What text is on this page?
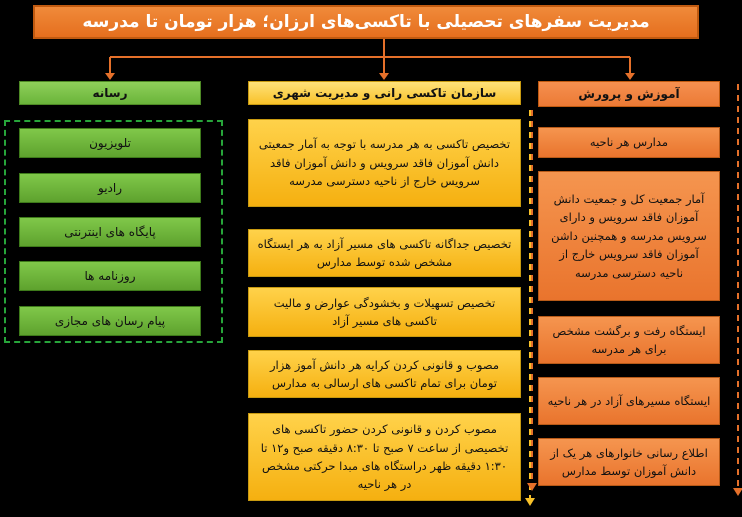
مدیریت سفرهای تحصیلی با تاکسی‌های ارزان؛ هزار تومان تا مدرسه
رسانه	سازمان تاکسی رانی و مدیریت شهری	آموزش و پرورش
تلویزیون
رادیو
پایگاه های اینترنتی
روزنامه ها
پیام رسان های مجازی
تخصیص تاکسی به هر مدرسه با توجه به آمار جمعیتی دانش آموزان فاقد سرویس و دانش آموزان فاقد سرویس خارج از ناحیه دسترسی مدرسه
تخصیص جداگانه تاکسی های مسیر آزاد به هر ایستگاه مشخص شده توسط مدارس
تخصیص تسهیلات و بخشودگی عوارض و مالیت تاکسی های مسیر آزاد
مصوب و قانونی کردن کرایه هر دانش آموز هزار تومان برای تمام تاکسی های ارسالی به مدارس
مصوب کردن و قانونی کردن حضور تاکسی های تخصیصی از ساعت ۷ صبح تا ۸:۳۰ دقیقه صبح و۱۲ تا ۱:۳۰ دقیقه ظهر دراستگاه های مبدا حرکتی مشخص در هر ناحیه
مدارس هر ناحیه
آمار جمعیت کل و جمعیت دانش آموزان فاقد سرویس و دارای سرویس مدرسه و همچنین داشن آموزان فاقد سرویس خارج از ناحیه دسترسی مدرسه
ایستگاه رفت و برگشت مشخص برای هر مدرسه
ایستگاه مسیرهای آزاد در هر ناحیه
اطلاع رسانی خانوارهای هر یک از دانش آموزان توسط مدارس
